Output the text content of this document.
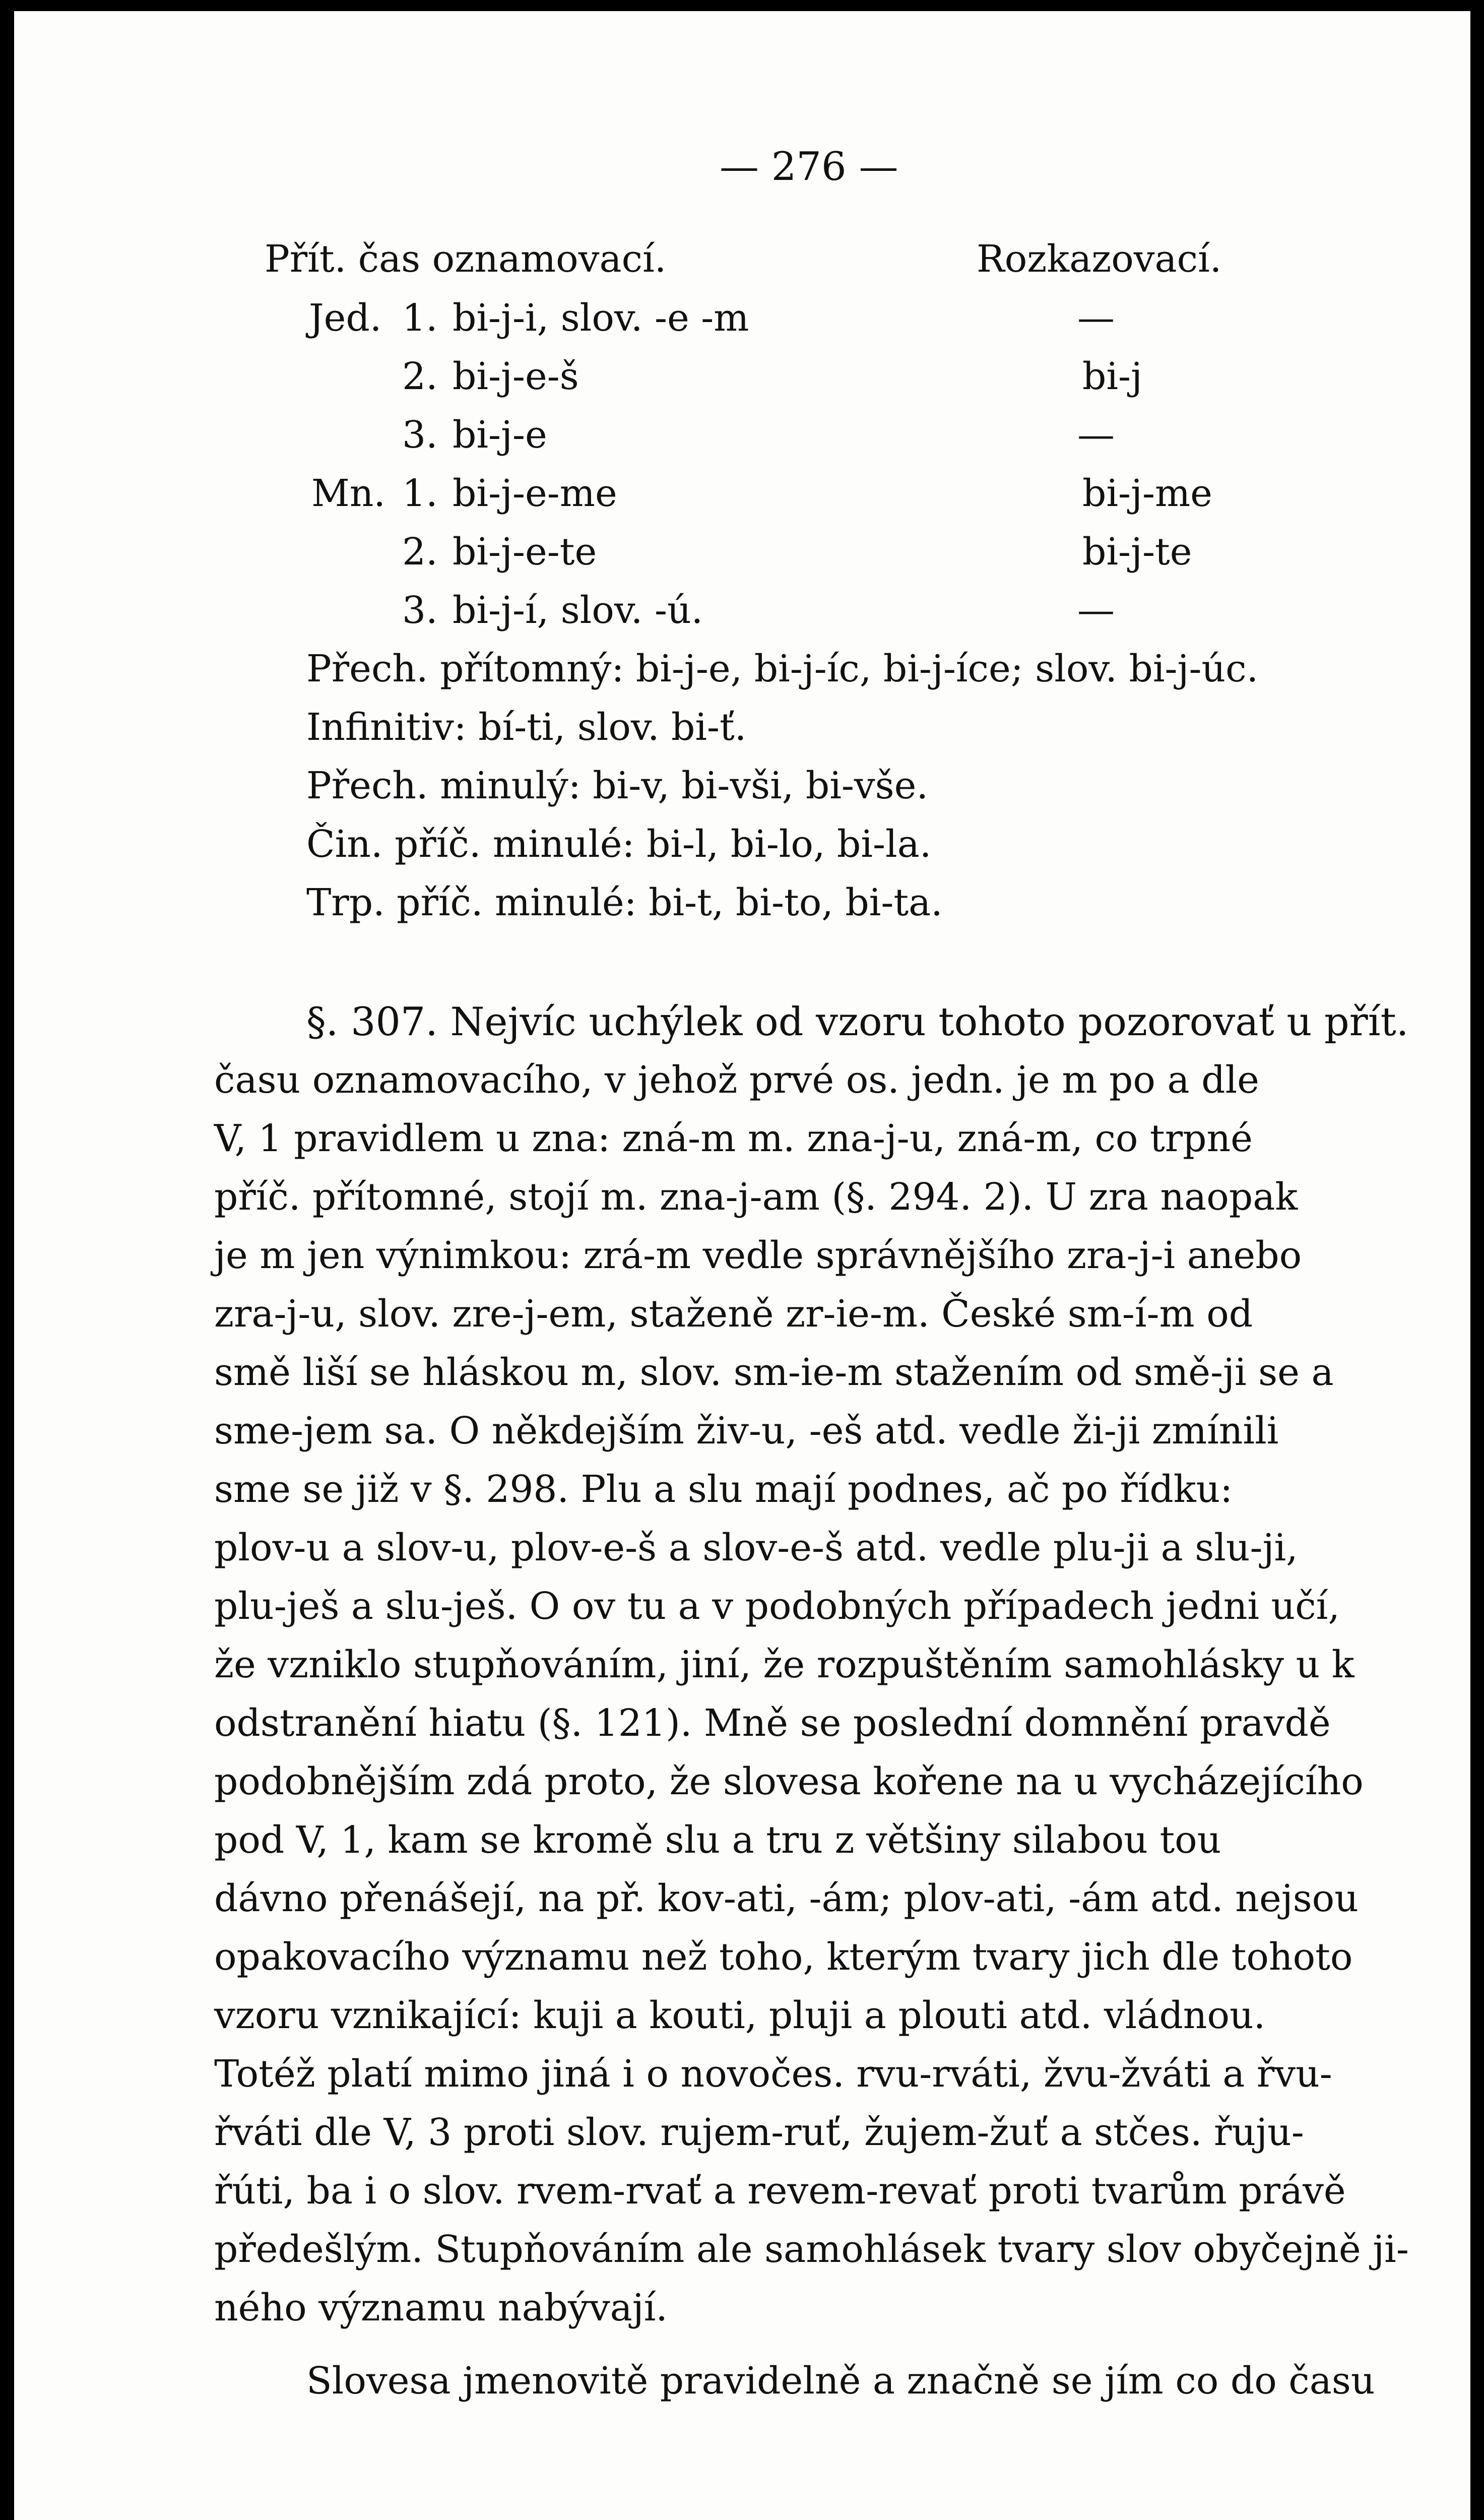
— 276 —
Přít. čas oznamovací.	Rozkazovací.
Jed. 1. bi-j-i, slov. -e -m	—
2. bi-j-e-š	bi-j
3. bi-j-e	—
Mn. 1. bi-j-e-me	bi-j-me
2. bi-j-e-te	bi-j-te
3. bi-j-í, slov. -ú.	—
Přech. přítomný: bi-j-e, bi-j-íc, bi-j-íce; slov. bi-j-úc.
Infinitiv: bí-ti, slov. bi-ť.
Přech. minulý: bi-v, bi-vši, bi-vše.
Čin. příč. minulé: bi-l, bi-lo, bi-la.
Trp. příč. minulé: bi-t, bi-to, bi-ta.
§. 307. Nejvíc uchýlek od vzoru tohoto pozorovať u přít.
času oznamovacího, v jehož prvé os. jedn. je m po a dle
V, 1 pravidlem u zna: zná-m m. zna-j-u, zná-m, co trpné
příč. přítomné, stojí m. zna-j-am (§. 294. 2). U zra naopak
je m jen výnimkou: zrá-m vedle správnějšího zra-j-i anebo
zra-j-u, slov. zre-j-em, staženě zr-ie-m. České sm-í-m od
smě liší se hláskou m, slov. sm-ie-m stažením od smě-ji se a
sme-jem sa. O někdejším živ-u, -eš atd. vedle ži-ji zmínili
sme se již v §. 298. Plu a slu mají podnes, ač po řídku:
plov-u a slov-u, plov-e-š a slov-e-š atd. vedle plu-ji a slu-ji,
plu-ješ a slu-ješ. O ov tu a v podobných případech jedni učí,
že vzniklo stupňováním, jiní, že rozpuštěním samohlásky u k
odstranění hiatu (§. 121). Mně se poslední domnění pravdě
podobnějším zdá proto, že slovesa kořene na u vycházejícího
pod V, 1, kam se kromě slu a tru z většiny silabou tou
dávno přenášejí, na př. kov-ati, -ám; plov-ati, -ám atd. nejsou
opakovacího významu než toho, kterým tvary jich dle tohoto
vzoru vznikající: kuji a kouti, pluji a plouti atd. vládnou.
Totéž platí mimo jiná i o novočes. rvu-rváti, žvu-žváti a řvu-
řváti dle V, 3 proti slov. rujem-ruť, žujem-žuť a stčes. řuju-
řúti, ba i o slov. rvem-rvať a revem-revať proti tvarům právě
předešlým. Stupňováním ale samohlásek tvary slov obyčejně ji-
ného významu nabývají.
Slovesa jmenovitě pravidelně a značně se jím co do času
